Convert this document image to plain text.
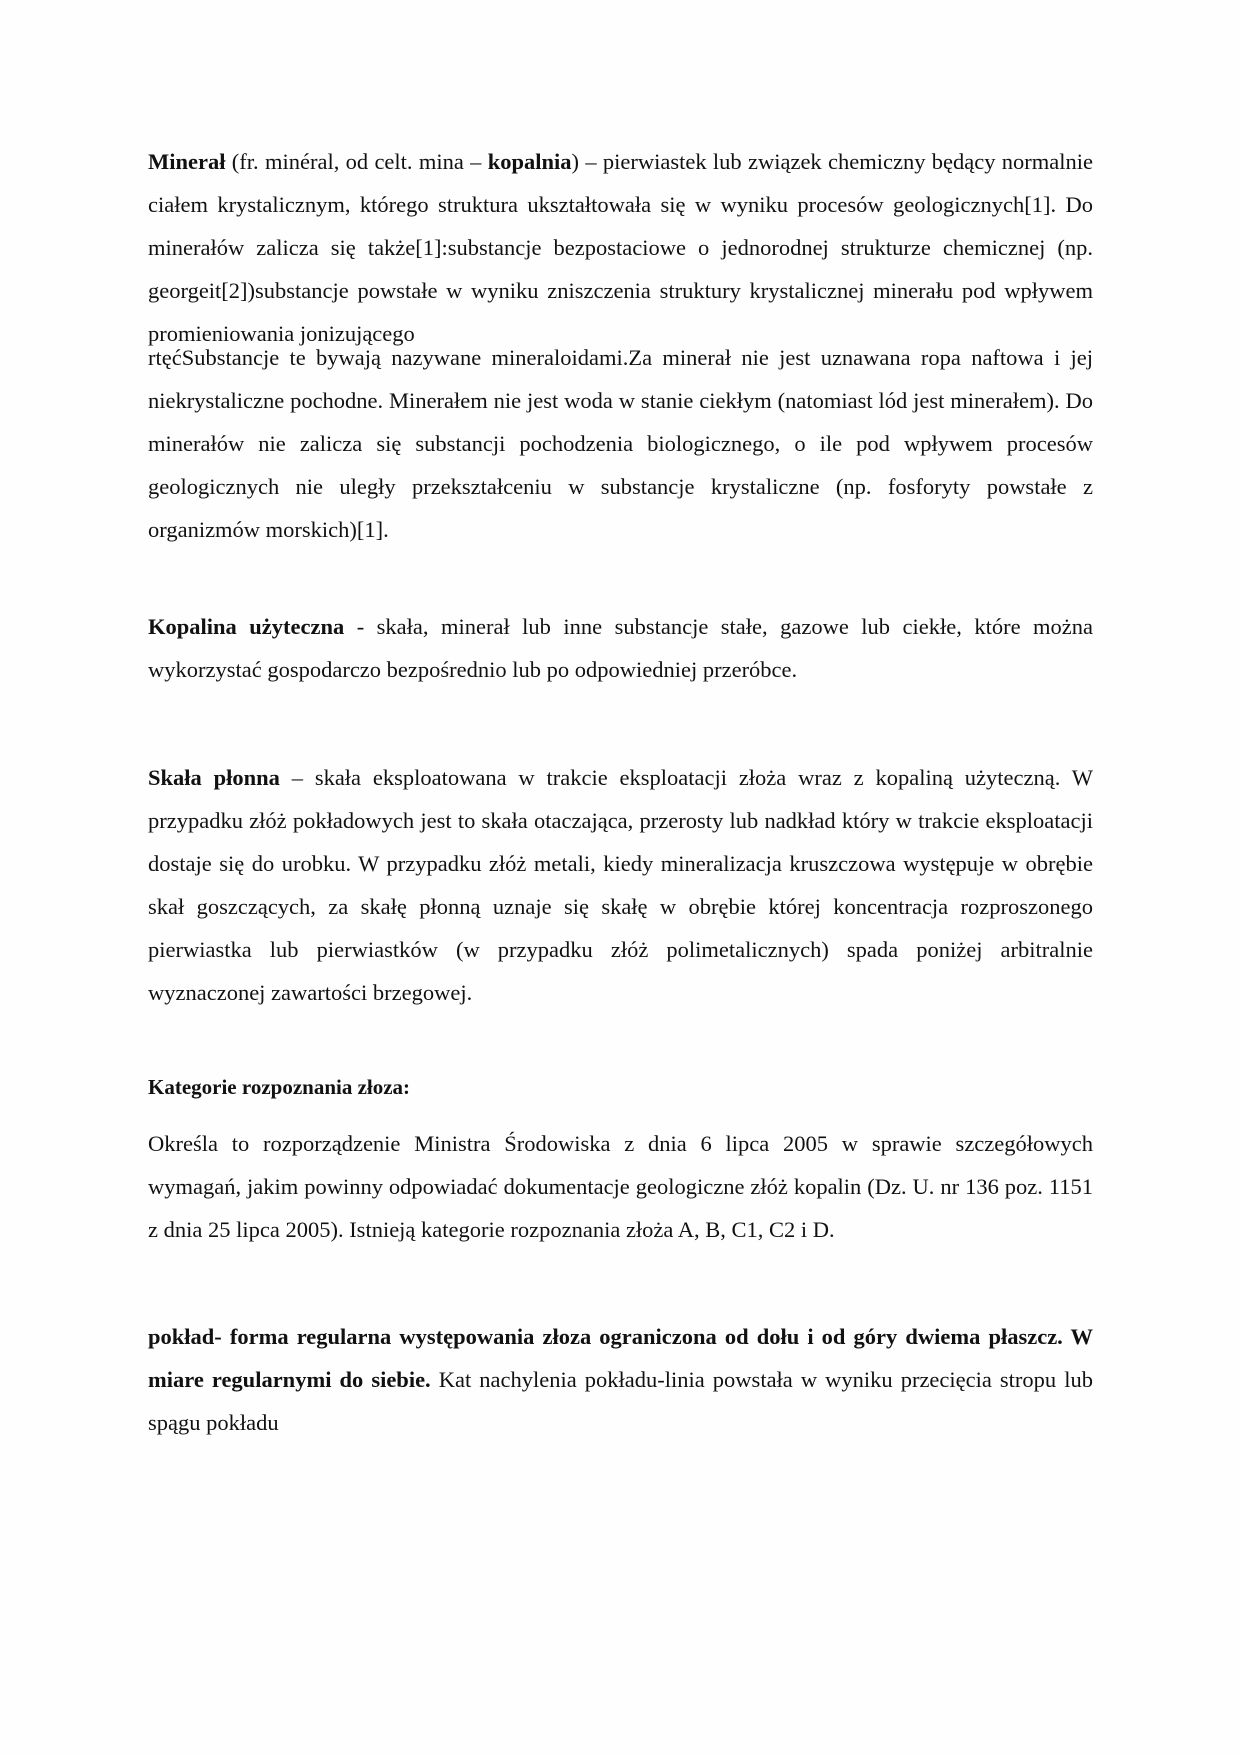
Minerał (fr. minéral, od celt. mina – kopalnia) – pierwiastek lub związek chemiczny będący normalnie ciałem krystalicznym, którego struktura ukształtowała się w wyniku procesów geologicznych[1]. Do minerałów zalicza się także[1]:substancje bezpostaciowe o jednorodnej strukturze chemicznej (np. georgeit[2])substancje powstałe w wyniku zniszczenia struktury krystalicznej minerału pod wpływem promieniowania jonizującego

rtęćSubstancje te bywają nazywane mineraloidami.Za minerał nie jest uznawana ropa naftowa i jej niekrystaliczne pochodne. Minerałem nie jest woda w stanie ciekłym (natomiast lód jest minerałem). Do minerałów nie zalicza się substancji pochodzenia biologicznego, o ile pod wpływem procesów geologicznych nie uległy przekształceniu w substancje krystaliczne (np. fosforyty powstałe z organizmów morskich)[1].

Kopalina użyteczna - skała, minerał lub inne substancje stałe, gazowe lub ciekłe, które można wykorzystać gospodarczo bezpośrednio lub po odpowiedniej przeróbce.

Skała płonna – skała eksploatowana w trakcie eksploatacji złoża wraz z kopaliną użyteczną. W przypadku złóż pokładowych jest to skała otaczająca, przerosty lub nadkład który w trakcie eksploatacji dostaje się do urobku. W przypadku złóż metali, kiedy mineralizacja kruszczowa występuje w obrębie skał goszczących, za skałę płonną uznaje się skałę w obrębie której koncentracja rozproszonego pierwiastka lub pierwiastków (w przypadku złóż polimetalicznych) spada poniżej arbitralnie wyznaczonej zawartości brzegowej.

Kategorie rozpoznania złoza:

Określa to rozporządzenie Ministra Środowiska z dnia 6 lipca 2005 w sprawie szczegółowych wymagań, jakim powinny odpowiadać dokumentacje geologiczne złóż kopalin (Dz. U. nr 136 poz. 1151 z dnia 25 lipca 2005). Istnieją kategorie rozpoznania złoża A, B, C1, C2 i D.

pokład- forma regularna występowania złoza ograniczona od dołu i od góry dwiema płaszcz. W miare regularnymi do siebie. Kat nachylenia pokładu-linia powstała w wyniku przecięcia stropu lub spągu pokładu
